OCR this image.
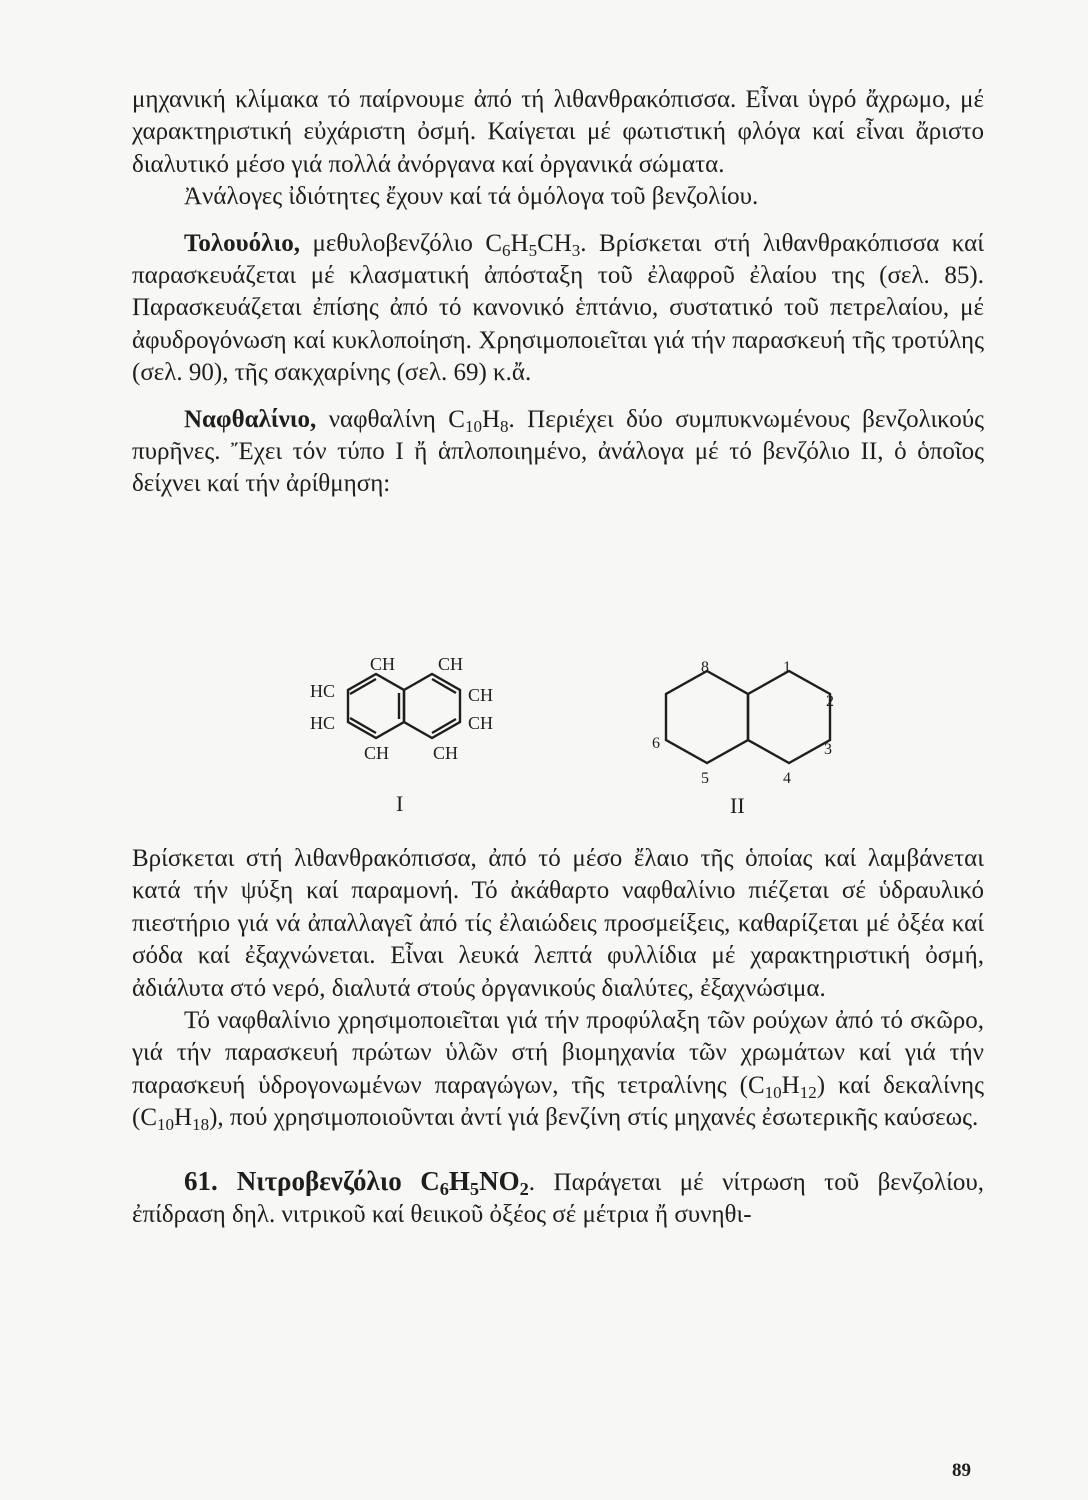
μηχανική κλίμακα τό παίρνουμε ἀπό τή λιθανθρακόπισσα. Εἶναι ὑγρό ἄχρωμο, μέ χαρακτηριστική εὐχάριστη ὀσμή. Καίγεται μέ φωτιστική φλόγα καί εἶναι ἄριστο διαλυτικό μέσο γιά πολλά ἀνόργανα καί ὀργανικά σώματα.

Ἀνάλογες ἰδιότητες ἔχουν καί τά ὁμόλογα τοῦ βενζολίου.

Τολουόλιο, μεθυλοβενζόλιο $C_6H_5CH_3$. Βρίσκεται στή λιθανθρακόπισσα καί παρασκευάζεται μέ κλασματική ἀπόσταξη τοῦ ἐλαφροῦ ἐλαίου της (σελ. 85). Παρασκευάζεται ἐπίσης ἀπό τό κανονικό ἑπτάνιο, συστατικό τοῦ πετρελαίου, μέ ἀφυδρογόνωση καί κυκλοποίηση. Χρησιμοποιεῖται γιά τήν παρασκευή τῆς τροτύλης (σελ. 90), τῆς σακχαρίνης (σελ. 69) κ.ἄ.

Ναφθαλίνιο, ναφθαλίνη $C_{10}H_8$. Περιέχει δύο συμπυκνωμένους βενζολικούς πυρῆνες. Ἔχει τόν τύπο I ἤ ἁπλοποιημένο, ἀνάλογα μέ τό βενζόλιο II, ὁ ὁποῖος δείχνει καί τήν ἀρίθμηση:

CH CH
HC
HC
CH
CH
CH CH
I
8	1
2
3
4
5
6
II

Βρίσκεται στή λιθανθρακόπισσα, ἀπό τό μέσο ἔλαιο τῆς ὁποίας καί λαμβάνεται κατά τήν ψύξη καί παραμονή. Τό ἀκάθαρτο ναφθαλίνιο πιέζεται σέ ὑδραυλικό πιεστήριο γιά νά ἀπαλλαγεῖ ἀπό τίς ἐλαιώδεις προσμείξεις, καθαρίζεται μέ ὀξέα καί σόδα καί ἐξαχνώνεται. Εἶναι λευκά λεπτά φυλλίδια μέ χαρακτηριστική ὀσμή, ἀδιάλυτα στό νερό, διαλυτά στούς ὀργανικούς διαλύτες, ἐξαχνώσιμα.

Τό ναφθαλίνιο χρησιμοποιεῖται γιά τήν προφύλαξη τῶν ρούχων ἀπό τό σκῶρο, γιά τήν παρασκευή πρώτων ὑλῶν στή βιομηχανία τῶν χρωμάτων καί γιά τήν παρασκευή ὑδρογονωμένων παραγώγων, τῆς τετραλίνης $(C_{10}H_{12})$ καί δεκαλίνης $(C_{10}H_{18})$, πού χρησιμοποιοῦνται ἀντί γιά βενζίνη στίς μηχανές ἐσωτερικῆς καύσεως.

61. Νιτροβενζόλιο $C_6H_5NO_2$. Παράγεται μέ νίτρωση τοῦ βενζολίου, ἐπίδραση δηλ. νιτρικοῦ καί θειικοῦ ὀξέος σέ μέτρια ἤ συνηθι-

89
